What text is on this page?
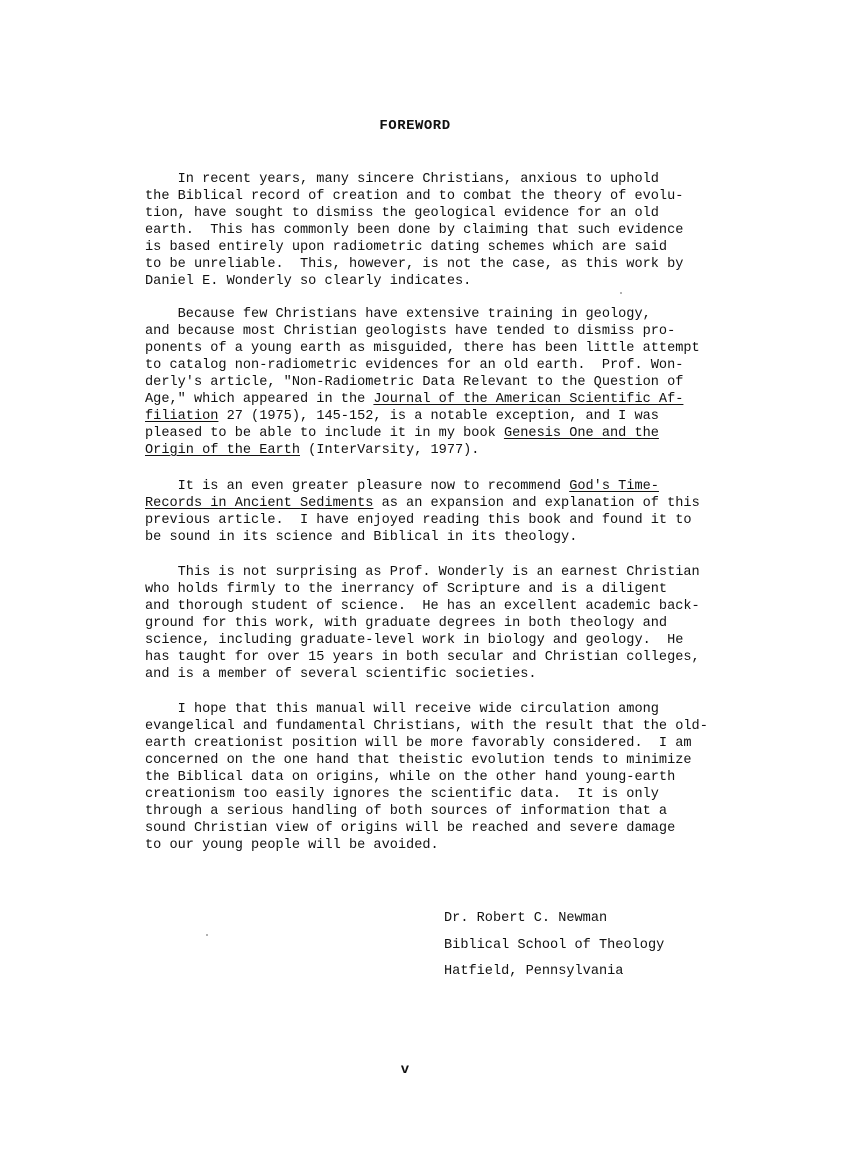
FOREWORD
In recent years, many sincere Christians, anxious to uphold
the Biblical record of creation and to combat the theory of evolu-
tion, have sought to dismiss the geological evidence for an old
earth.  This has commonly been done by claiming that such evidence
is based entirely upon radiometric dating schemes which are said
to be unreliable.  This, however, is not the case, as this work by
Daniel E. Wonderly so clearly indicates.
Because few Christians have extensive training in geology,
and because most Christian geologists have tended to dismiss pro-
ponents of a young earth as misguided, there has been little attempt
to catalog non-radiometric evidences for an old earth.  Prof. Won-
derly's article, "Non-Radiometric Data Relevant to the Question of
Age," which appeared in the Journal of the American Scientific Af-
filiation 27 (1975), 145-152, is a notable exception, and I was
pleased to be able to include it in my book Genesis One and the
Origin of the Earth (InterVarsity, 1977).
It is an even greater pleasure now to recommend God's Time-
Records in Ancient Sediments as an expansion and explanation of this
previous article.  I have enjoyed reading this book and found it to
be sound in its science and Biblical in its theology.
This is not surprising as Prof. Wonderly is an earnest Christian
who holds firmly to the inerrancy of Scripture and is a diligent
and thorough student of science.  He has an excellent academic back-
ground for this work, with graduate degrees in both theology and
science, including graduate-level work in biology and geology.  He
has taught for over 15 years in both secular and Christian colleges,
and is a member of several scientific societies.
I hope that this manual will receive wide circulation among
evangelical and fundamental Christians, with the result that the old-
earth creationist position will be more favorably considered.  I am
concerned on the one hand that theistic evolution tends to minimize
the Biblical data on origins, while on the other hand young-earth
creationism too easily ignores the scientific data.  It is only
through a serious handling of both sources of information that a
sound Christian view of origins will be reached and severe damage
to our young people will be avoided.
Dr. Robert C. Newman
Biblical School of Theology
Hatfield, Pennsylvania
v
